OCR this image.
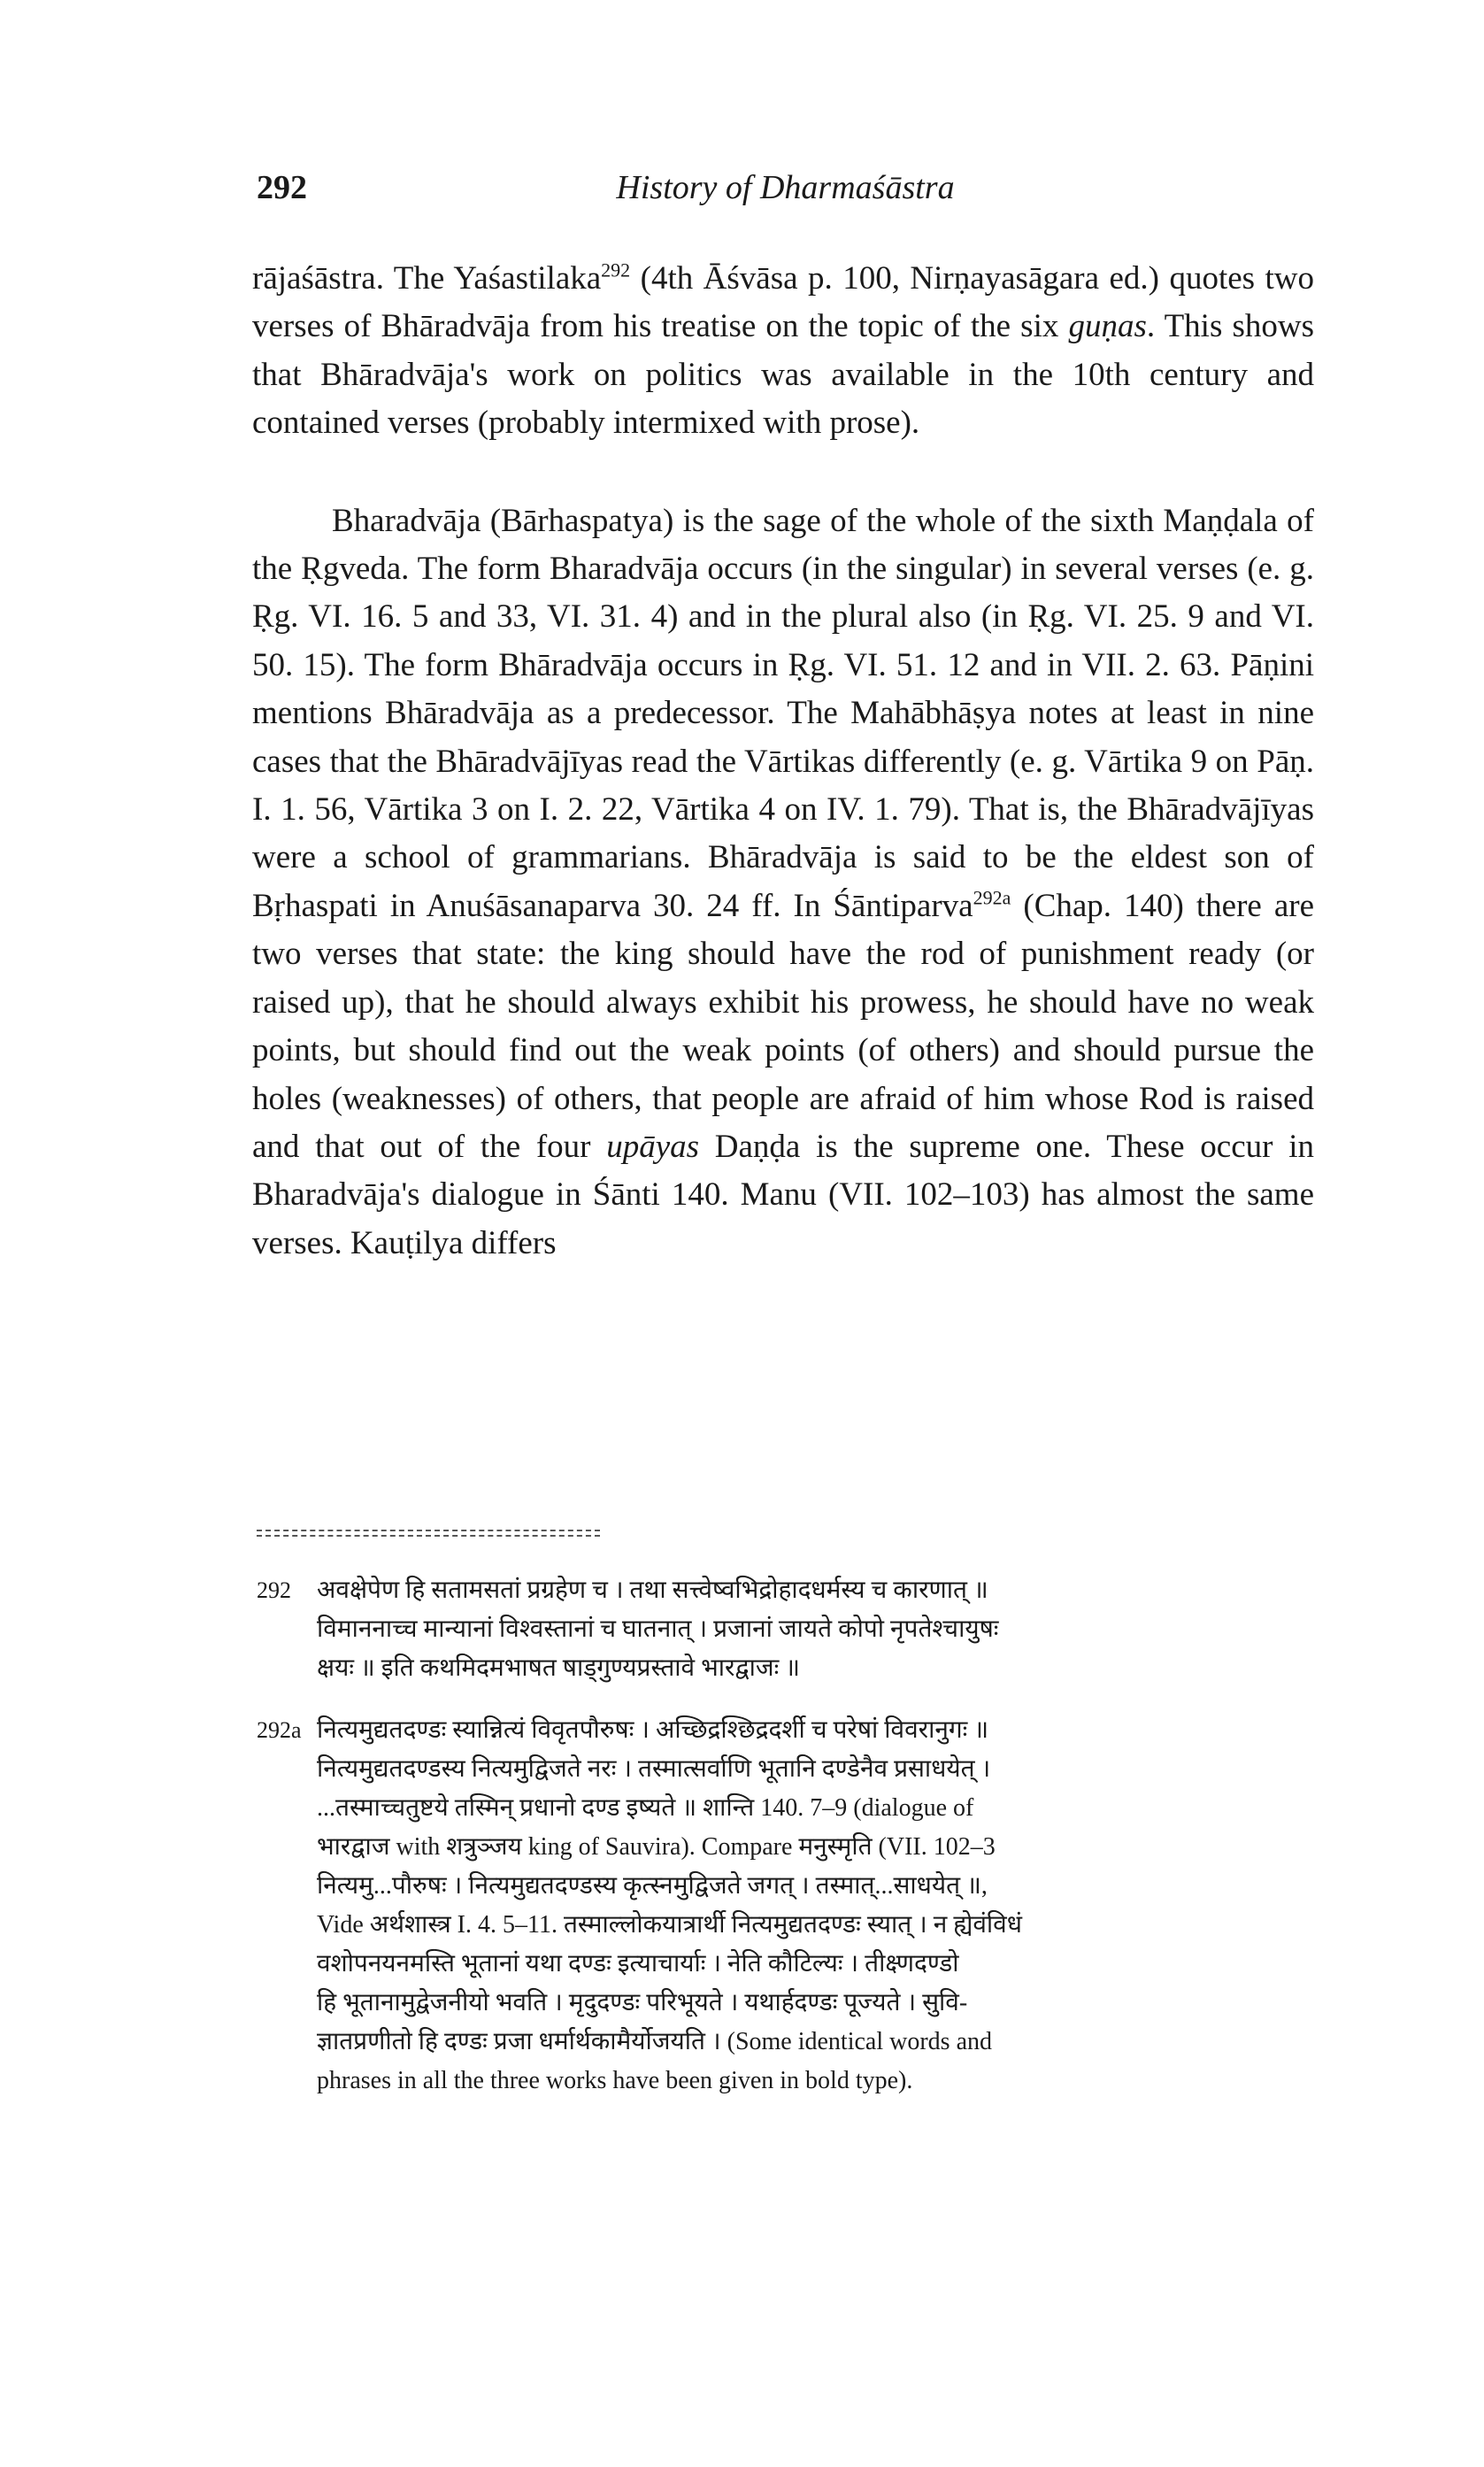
292	History of Dharmaśāstra

rājaśāstra. The Yaśastilaka$^{292}$ (4th Āśvāsa p. 100, Nirṇayasāgara ed.) quotes two verses of Bhāradvāja from his treatise on the topic of the six guṇas. This shows that Bhāradvāja's work on politics was available in the 10th century and contained verses (probably intermixed with prose).

Bharadvāja (Bārhaspatya) is the sage of the whole of the sixth Maṇḍala of the Ṛgveda. The form Bharadvāja occurs (in the singular) in several verses (e. g. Ṛg. VI. 16. 5 and 33, VI. 31. 4) and in the plural also (in Ṛg. VI. 25. 9 and VI. 50. 15). The form Bhāradvāja occurs in Ṛg. VI. 51. 12 and in VII. 2. 63. Pāṇini mentions Bhāradvāja as a predecessor. The Mahābhāṣya notes at least in nine cases that the Bhāradvājīyas read the Vārtikas differently (e. g. Vārtika 9 on Pāṇ. I. 1. 56, Vārtika 3 on I. 2. 22, Vārtika 4 on IV. 1. 79). That is, the Bhāradvājīyas were a school of grammarians. Bhāradvāja is said to be the eldest son of Bṛhaspati in Anuśāsanaparva 30. 24 ff. In Śāntiparva$^{292a}$ (Chap. 140) there are two verses that state: the king should have the rod of punishment ready (or raised up), that he should always exhibit his prowess, he should have no weak points, but should find out the weak points (of others) and should pursue the holes (weaknesses) of others, that people are afraid of him whose Rod is raised and that out of the four upāyas Daṇḍa is the supreme one. These occur in Bharadvāja's dialogue in Śānti 140. Manu (VII. 102–103) has almost the same verses. Kauṭilya differs

292	अवक्षेपेण हि सतामसतां प्रग्रहेण च । तथा सत्त्वेष्वभिद्रोहादधर्मस्य च कारणात् ॥
विमाननाच्च मान्यानां विश्वस्तानां च घातनात् । प्रजानां जायते कोपो नृपतेश्चायुषः
क्षयः ॥ इति कथमिदमभाषत षाड्गुण्यप्रस्तावे भारद्वाजः ॥
292a नित्यमुद्यतदण्डः स्यान्नित्यं विवृतपौरुषः । अच्छिद्रश्छिद्रदर्शी च परेषां विवरानुगः ॥
नित्यमुद्यतदण्डस्य नित्यमुद्विजते नरः । तस्मात्सर्वाणि भूतानि दण्डेनैव प्रसाधयेत् ।
...तस्माच्चतुष्टये तस्मिन् प्रधानो दण्ड इष्यते ॥ शान्ति 140. 7–9 (dialogue of
भारद्वाज with शत्रुञ्जय king of Sauvira). Compare मनुस्मृति (VII. 102–3
नित्यमु...पौरुषः । नित्यमुद्यतदण्डस्य कृत्स्नमुद्विजते जगत् । तस्मात्...साधयेत् ॥,
Vide अर्थशास्त्र I. 4. 5–11. तस्माल्लोकयात्रार्थी नित्यमुद्यतदण्डः स्यात् । न ह्येवंविधं
वशोपनयनमस्ति भूतानां यथा दण्डः इत्याचार्याः । नेति कौटिल्यः । तीक्ष्णदण्डो
हि भूतानामुद्वेजनीयो भवति । मृदुदण्डः परिभूयते । यथार्हदण्डः पूज्यते । सुवि-
ज्ञातप्रणीतो हि दण्डः प्रजा धर्मार्थकामैर्योजयति । (Some identical words and
phrases in all the three works have been given in bold type).
